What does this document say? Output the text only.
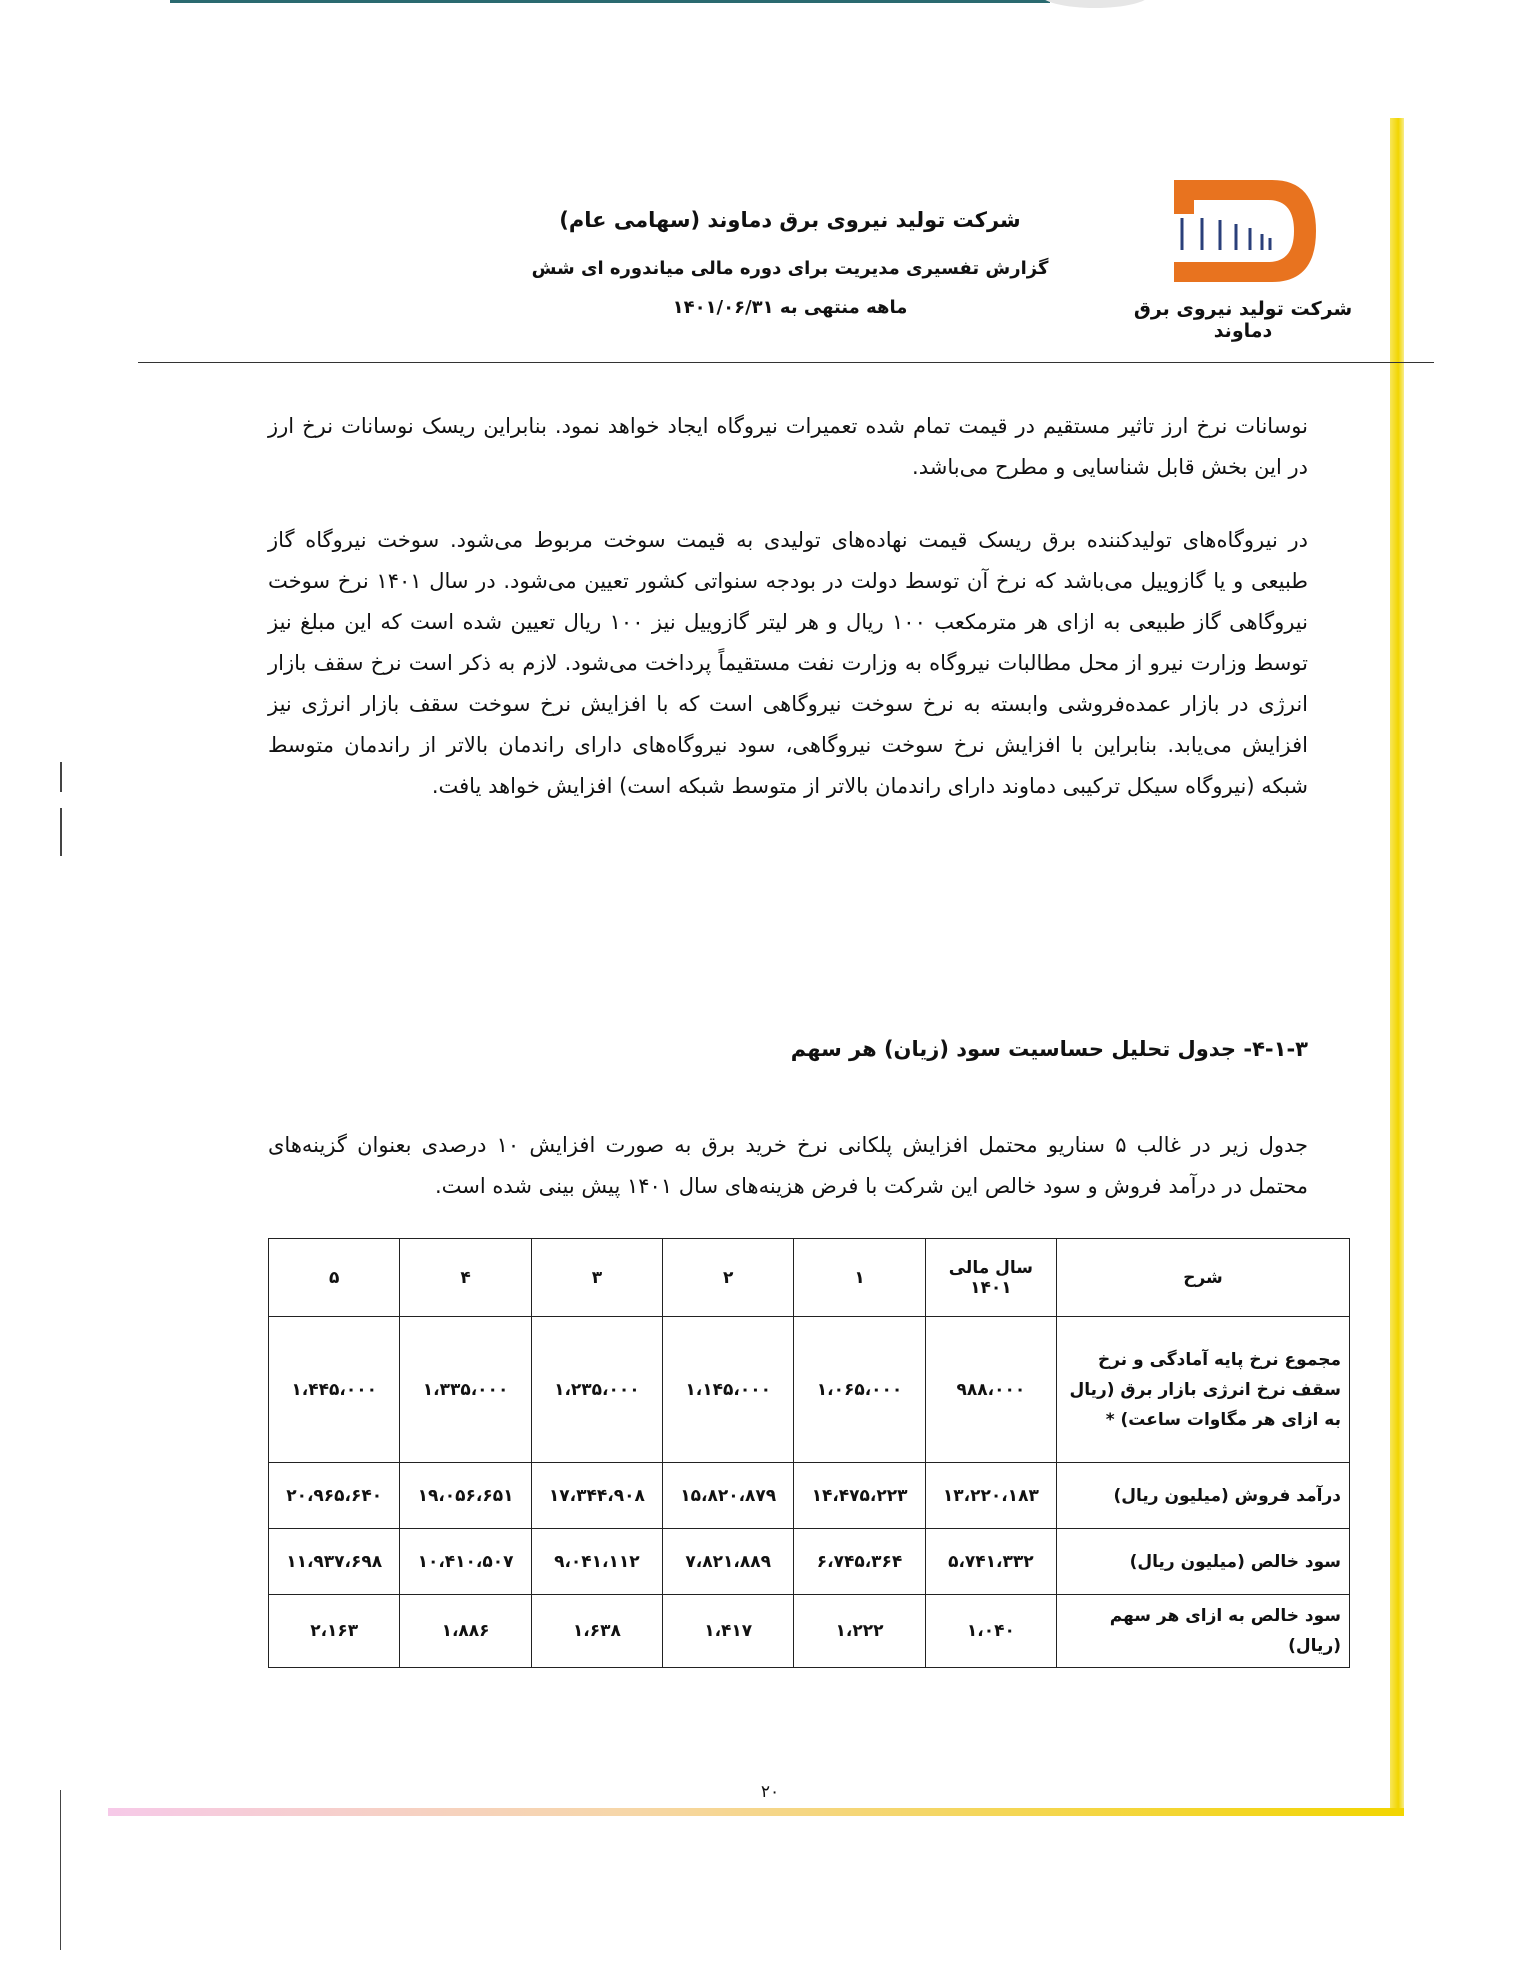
شرکت تولید نیروی برق دماوند
شرکت تولید نیروی برق دماوند (سهامی عام)
گزارش تفسیری مدیریت برای دوره مالی میاندوره ای شش
ماهه منتهی به ۱۴۰۱/۰۶/۳۱

نوسانات نرخ ارز تاثیر مستقیم در قیمت تمام شده تعمیرات نیروگاه ایجاد خواهد نمود. بنابراین ریسک نوسانات نرخ ارز در این بخش قابل شناسایی و مطرح می‌باشد.

در نیروگاه‌های تولیدکننده برق ریسک قیمت نهاده‌های تولیدی به قیمت سوخت مربوط می‌شود. سوخت نیروگاه گاز طبیعی و یا گازوییل می‌باشد که نرخ آن توسط دولت در بودجه سنواتی کشور تعیین می‌شود. در سال ۱۴۰۱ نرخ سوخت نیروگاهی گاز طبیعی به ازای هر مترمکعب ۱۰۰ ریال و هر لیتر گازوییل نیز ۱۰۰ ریال تعیین شده است که این مبلغ نیز توسط وزارت نیرو از محل مطالبات نیروگاه به وزارت نفت مستقیماً پرداخت می‌شود. لازم به ذکر است نرخ سقف بازار انرژی در بازار عمده‌فروشی وابسته به نرخ سوخت نیروگاهی است که با افزایش نرخ سوخت سقف بازار انرژی نیز افزایش می‌یابد. بنابراین با افزایش نرخ سوخت نیروگاهی، سود نیروگاه‌های دارای راندمان بالاتر از راندمان متوسط شبکه (نیروگاه سیکل ترکیبی دماوند دارای راندمان بالاتر از متوسط شبکه است) افزایش خواهد یافت.

۴-۱-۳- جدول تحلیل حساسیت سود (زیان) هر سهم

جدول زیر در غالب ۵ سناریو محتمل افزایش پلکانی نرخ خرید برق به صورت افزایش ۱۰ درصدی بعنوان گزینه‌های محتمل در درآمد فروش و سود خالص این شرکت با فرض هزینه‌های سال ۱۴۰۱ پیش بینی شده است.

شرح	سال مالی ۱۴۰۱	۱	۲	۳	۴	۵
مجموع نرخ پایه آمادگی و نرخ سقف نرخ انرژی بازار برق (ریال به ازای هر مگاوات ساعت) *	۹۸۸،۰۰۰	۱،۰۶۵،۰۰۰	۱،۱۴۵،۰۰۰	۱،۲۳۵،۰۰۰	۱،۳۳۵،۰۰۰	۱،۴۴۵،۰۰۰
درآمد فروش (میلیون ریال)	۱۳،۲۲۰،۱۸۳	۱۴،۴۷۵،۲۲۳	۱۵،۸۲۰،۸۷۹	۱۷،۳۴۴،۹۰۸	۱۹،۰۵۶،۶۵۱	۲۰،۹۶۵،۶۴۰
سود خالص (میلیون ریال)	۵،۷۴۱،۳۳۲	۶،۷۴۵،۳۶۴	۷،۸۲۱،۸۸۹	۹،۰۴۱،۱۱۲	۱۰،۴۱۰،۵۰۷	۱۱،۹۳۷،۶۹۸
سود خالص به ازای هر سهم (ریال)	۱،۰۴۰	۱،۲۲۲	۱،۴۱۷	۱،۶۳۸	۱،۸۸۶	۲،۱۶۳
۲۰
